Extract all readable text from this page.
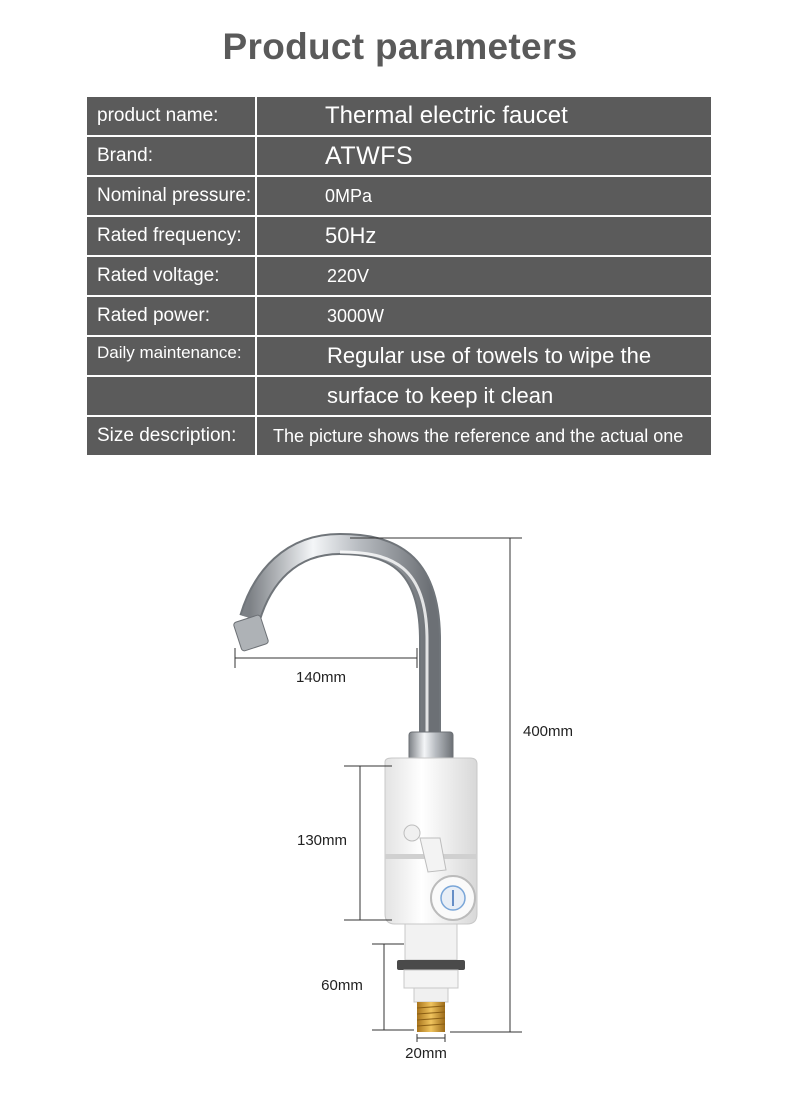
Product parameters
product name:	Thermal electric faucet
Brand:	ATWFS
Nominal pressure:	0MPa
Rated frequency:	50Hz
Rated voltage:	220V
Rated power:	3000W
Daily maintenance:	Regular use of towels to wipe the
surface to keep it clean
Size description:	The picture shows the reference and the actual one
140mm
400mm
130mm
60mm
20mm
